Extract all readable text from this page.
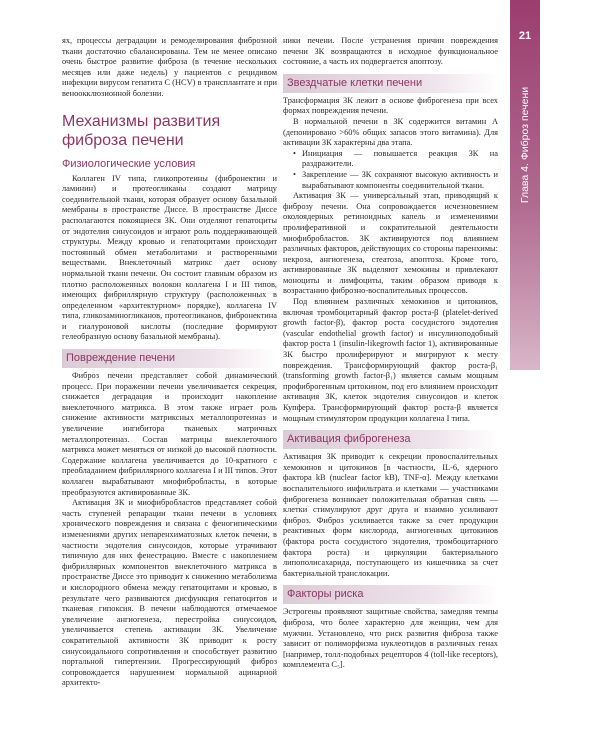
21
Глава 4. Фиброз печени

ях, процессы деградации и ремоделирования фиброзной ткани достаточно сбалансированы. Тем не менее описано очень быстрое развитие фиброза (в течение нескольких месяцев или даже недель) у пациентов с рецидивом инфекции вирусом гепатита С (HCV) в трансплантате и при веноокклюзионной болезни.

Механизмы развития фиброза печени
Физиологические условия

Коллаген IV типа, гликопротеины (фибронектин и ламинин) и протеогликаны создают матрицу соединительной ткани, которая образует основу базальной мембраны в пространстве Диссе. В пространстве Диссе располагаются покоящиеся ЗК. Они отделяют гепатоциты от эндотелия синусоидов и играют роль поддерживающей структуры. Между кровью и гепатоцитами происходит постоянный обмен метаболитами и растворенными веществами. Внеклеточный матрикс дает основу нормальной ткани печени. Он состоит главным образом из плотно расположенных волокон коллагена I и III типов, имеющих фибриллярную структуру (расположенных в определенном «архитектурном» порядке), коллагена IV типа, гликозаминогликанов, протеогликанов, фибронектина и гиалуроновой кислоты (последние формируют гелеобразную основу базальной мембраны).

Повреждение печени

Фиброз печени представляет собой динамический процесс. При поражении печени увеличивается секреция, снижается деградация и происходит накопление внеклеточного матрикса. В этом также играет роль снижение активности матриксных металлопротеиназ и увеличение ингибитора тканевых матричных металлопротеиназ. Состав матрицы внеклеточного матрикса может меняться от низкой до высокой плотности. Содержание коллагена увеличивается до 10-кратного с преобладанием фибриллярного коллагена I и III типов. Этот коллаген вырабатывают миофибробласты, в которые преобразуются активированные ЗК.

Активация ЗК и миофибробластов представляет собой часть ступеней репарации ткани печени в условиях хронического повреждения и связана с феногипическими изменениями других непаренхиматозных клеток печени, в частности эндотелия синусоидов, которые утрачивают типичную для них фенестрацию. Вместе с накоплением фибриллярных компонентов внеклеточного матрикса в пространстве Диссе это приводит к снижению метаболизма и кислородного обмена между гепатоцитами и кровью, в результате чего развиваются дисфункция гепатоцитов и тканевая гипоксия. В печени наблюдаются отмечаемое увеличение ангиогенеза, перестройка синусоидов, увеличивается степень активации ЗК. Увеличение сократительной активности ЗК приводит к росту синусоидального сопротивления и способствует развитию портальной гипертензии. Прогрессирующий фиброз сопровождается нарушением нормальной ацинарной архитекто-

ники печени. После устранения причин повреждения печени ЗК возвращаются в исходное функциональное состояние, а часть их подвергается апоптозу.

Звездчатые клетки печени

Трансформация ЗК лежит в основе фиброгенеза при всех формах повреждения печени.

В нормальной печени в ЗК содержится витамин А (депонировано >60% общих запасов этого витамина). Для активации ЗК характерны два этапа.

• Инициация — повышается реакция ЗК на раздражители.
• Закрепление — ЗК сохраняют высокую активность и вырабатывают компоненты соединительной ткани.

Активация ЗК — универсальный этап, приводящий к фиброзу печени. Она сопровождается исчезновением околоядерных ретиноидных капель и изменениями пролиферативной и сократительной деятельности миофибробластов. ЗК активируются под влиянием различных факторов, действующих со стороны паренхимы: некроза, ангиогенеза, стеатоза, апоптоза. Кроме того, активированные ЗК выделяют хемокины и привлекают моноциты и лимфоциты, таким образом приводя к возрастанию фиброзно-воспалительных процессов.

Под влиянием различных хемокинов и цитокинов, включая тромбоцитарный фактор роста-β (platelet-derived growth factor-β), фактор роста сосудистого эндотелия (vascular endothelial growth factor) и инсулиноподобный фактор роста 1 (insulin-likegrowth factor 1), активированные ЗК быстро пролиферируют и мигрируют к месту повреждения. Трансформирующий фактор роста-β₁ (transforming growth factor-β₁) является самым мощным профиброгенным цитокином, под его влиянием происходит активация ЗК, клеток эндотелия синусоидов и клеток Купфера. Трансформирующий фактор роста-β является мощным стимулятором продукции коллагена I типа.

Активация фиброгенеза

Активация ЗК приводит к секреции провоспалительных хемокинов и цитокинов [в частности, IL-6, ядерного фактора kB (nuclear factor kB), TNF-α]. Между клетками воспалительного инфильтрата и клетками — участниками фиброгенеза возникает положительная обратная связь — клетки стимулируют друг друга и взаимно усиливают фиброз. Фиброз усиливается также за счет продукции реактивных форм кислорода, ангиогенных цитокинов (фактора роста сосудистого эндотелия, тромбоцитарного фактора роста) и циркуляции бактериального липополисахарида, поступающего из кишечника за счет бактериальной транслокации.

Факторы риска

Эстрогены проявляют защитные свойства, замедляя темпы фиброза, что более характерно для женщин, чем для мужчин. Установлено, что риск развития фиброза также зависит от полиморфизма нуклеотидов в различных генах [например, толл-подобных рецепторов 4 (toll-like receptors), комплемента C₅].
